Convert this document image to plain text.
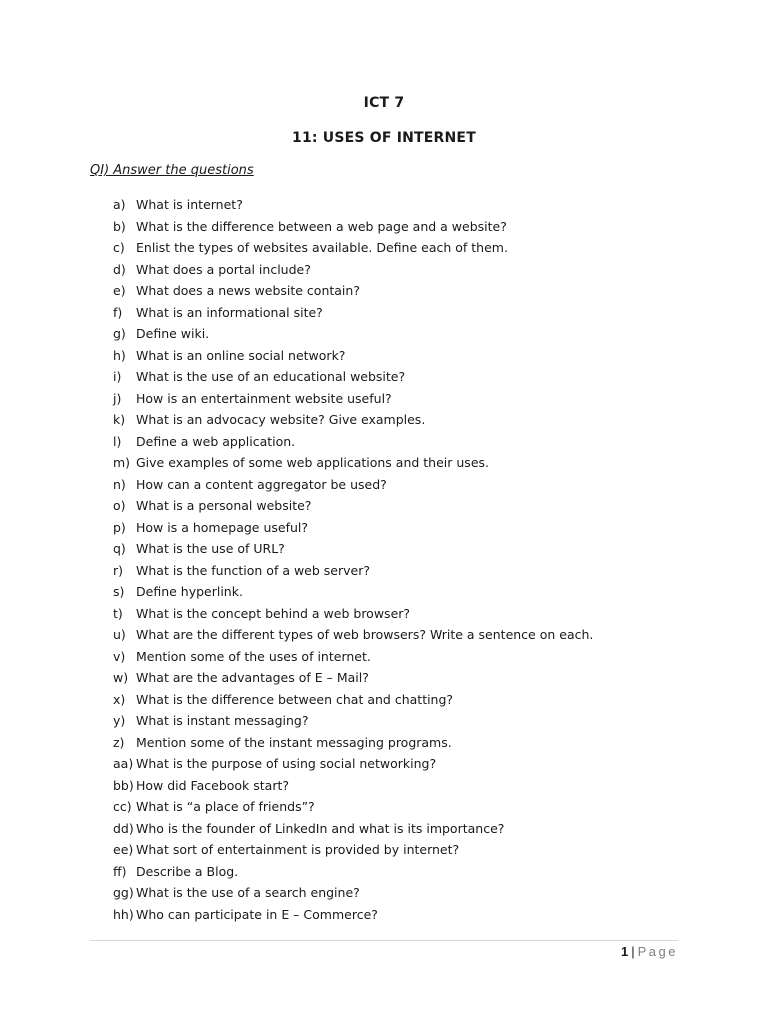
ICT 7
11: USES OF INTERNET
QI) Answer the questions
a) What is internet?
b) What is the difference between a web page and a website?
c) Enlist the types of websites available. Define each of them.
d) What does a portal include?
e) What does a news website contain?
f)	What is an informational site?
g) Define wiki.
h) What is an online social network?
i)	What is the use of an educational website?
j)	How is an entertainment website useful?
k) What is an advocacy website? Give examples.
l)	Define a web application.
m) Give examples of some web applications and their uses.
n) How can a content aggregator be used?
o) What is a personal website?
p) How is a homepage useful?
q) What is the use of URL?
r)	What is the function of a web server?
s) Define hyperlink.
t)	What is the concept behind a web browser?
u) What are the different types of web browsers? Write a sentence on each.
v) Mention some of the uses of internet.
w) What are the advantages of E – Mail?
x) What is the difference between chat and chatting?
y) What is instant messaging?
z) Mention some of the instant messaging programs.
aa) What is the purpose of using social networking?
bb) How did Facebook start?
cc) What is “a place of friends”?
dd) Who is the founder of LinkedIn and what is its importance?
ee) What sort of entertainment is provided by internet?
ff) Describe a Blog.
gg) What is the use of a search engine?
hh) Who can participate in E – Commerce?
1 | Page
